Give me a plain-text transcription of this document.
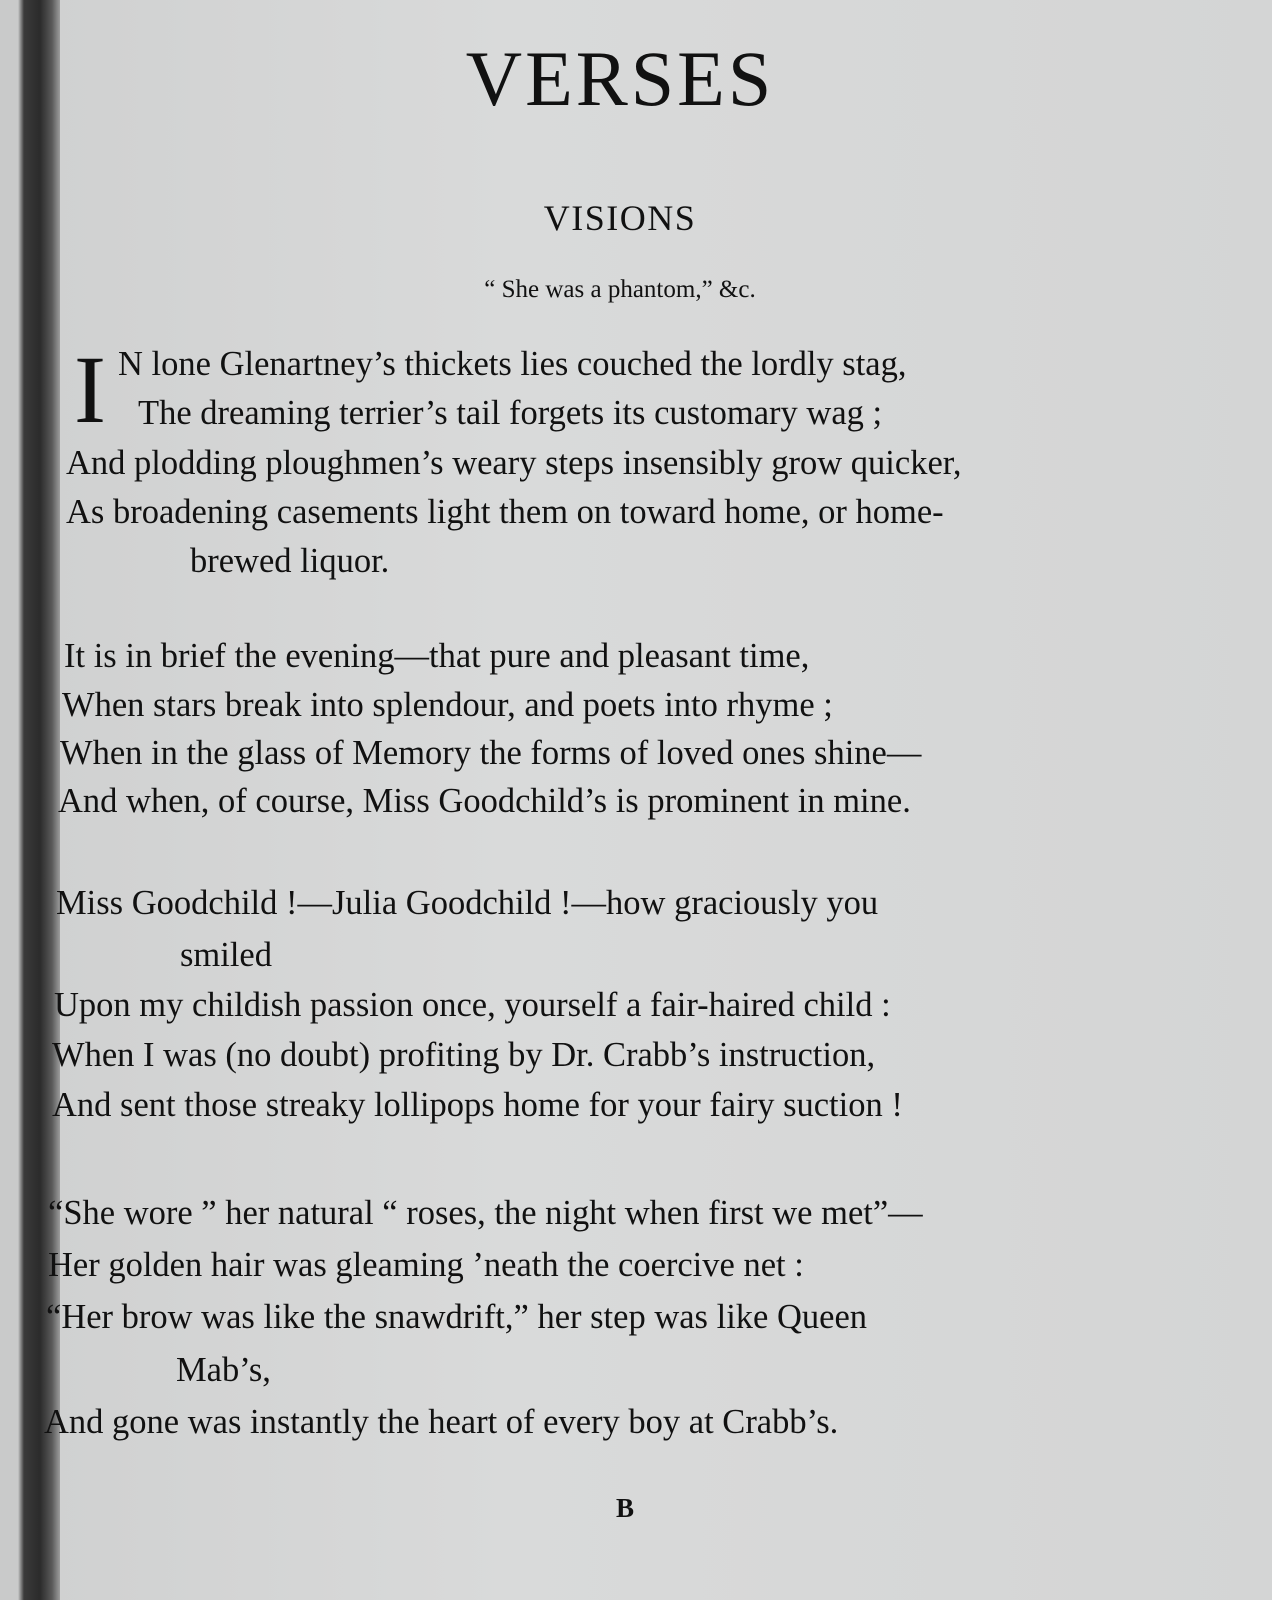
VERSES
VISIONS
“ She was a phantom,” &c.
I N lone Glenartney’s thickets lies couched the lordly stag,
The dreaming terrier’s tail forgets its customary wag ;
And plodding ploughmen’s weary steps insensibly grow quicker,
As broadening casements light them on toward home, or home-
brewed liquor.
It is in brief the evening—that pure and pleasant time,
When stars break into splendour, and poets into rhyme ;
When in the glass of Memory the forms of loved ones shine—
And when, of course, Miss Goodchild’s is prominent in mine.
Miss Goodchild !—Julia Goodchild !—how graciously you
smiled
Upon my childish passion once, yourself a fair-haired child :
When I was (no doubt) profiting by Dr. Crabb’s instruction,
And sent those streaky lollipops home for your fairy suction !
“She wore ” her natural “ roses, the night when first we met”—
Her golden hair was gleaming ’neath the coercive net :
“Her brow was like the snawdrift,” her step was like Queen
Mab’s,
And gone was instantly the heart of every boy at Crabb’s.
B
